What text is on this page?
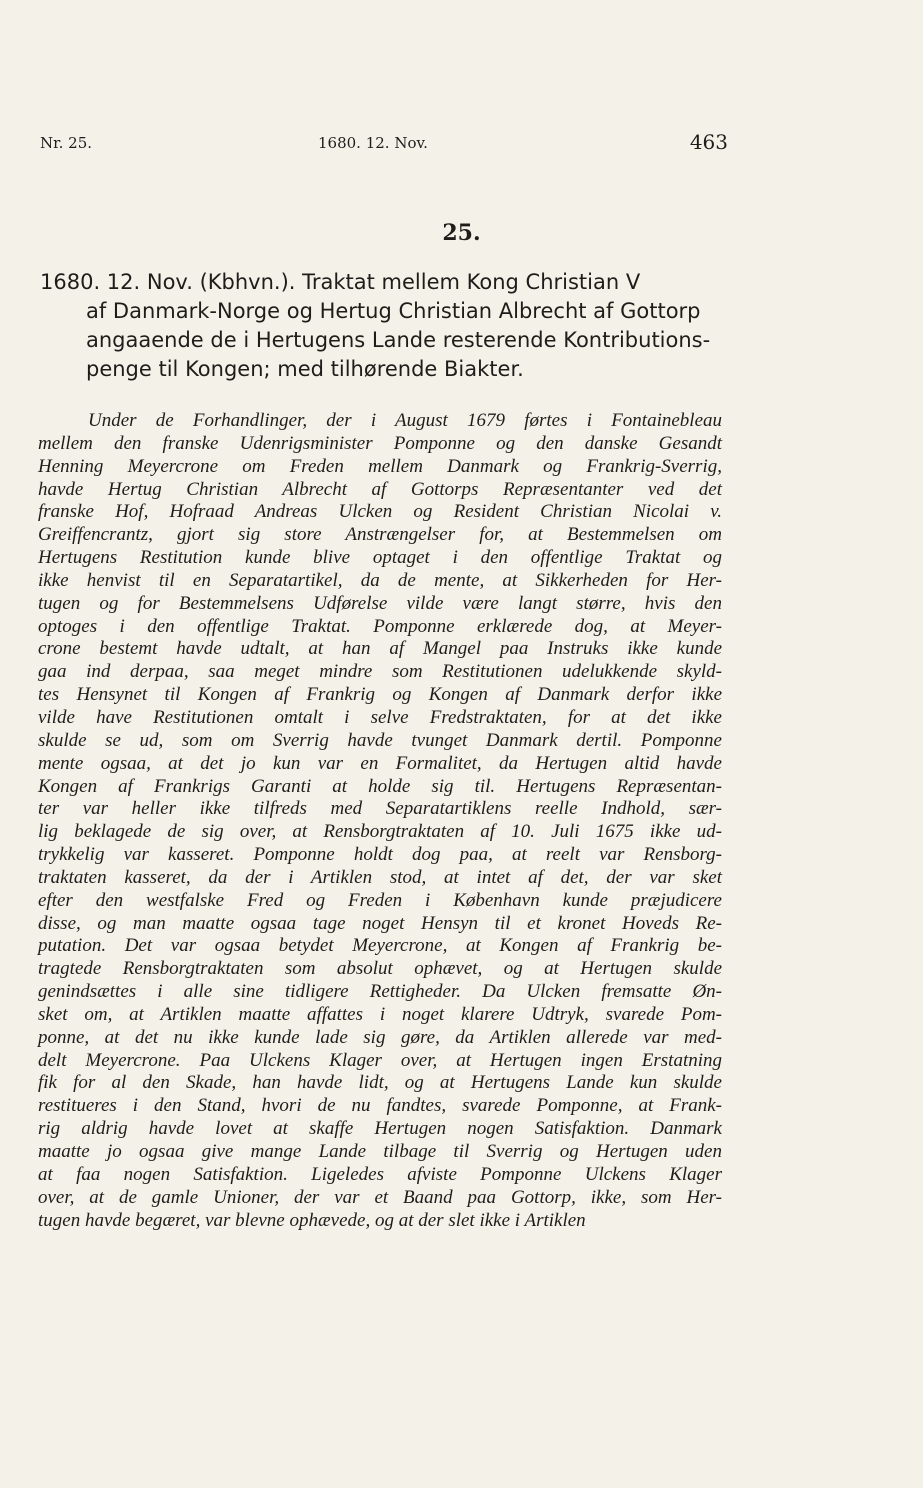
Nr. 25.	1680. 12. Nov.	463
25.
1680. 12. Nov. (Kbhvn.). Traktat mellem Kong Christian V
af Danmark-Norge og Hertug Christian Albrecht af Gottorp
angaaende de i Hertugens Lande resterende Kontributions-
penge til Kongen; med tilhørende Biakter.
Under de Forhandlinger, der i August 1679 førtes i Fontainebleau
mellem den franske Udenrigsminister Pomponne og den danske Gesandt
Henning Meyercrone om Freden mellem Danmark og Frankrig-Sverrig,
havde Hertug Christian Albrecht af Gottorps Repræsentanter ved det
franske Hof, Hofraad Andreas Ulcken og Resident Christian Nicolai v.
Greiffencrantz, gjort sig store Anstrængelser for, at Bestemmelsen om
Hertugens Restitution kunde blive optaget i den offentlige Traktat og
ikke henvist til en Separatartikel, da de mente, at Sikkerheden for Her-
tugen og for Bestemmelsens Udførelse vilde være langt større, hvis den
optoges i den offentlige Traktat. Pomponne erklærede dog, at Meyer-
crone bestemt havde udtalt, at han af Mangel paa Instruks ikke kunde
gaa ind derpaa, saa meget mindre som Restitutionen udelukkende skyld-
tes Hensynet til Kongen af Frankrig og Kongen af Danmark derfor ikke
vilde have Restitutionen omtalt i selve Fredstraktaten, for at det ikke
skulde se ud, som om Sverrig havde tvunget Danmark dertil. Pomponne
mente ogsaa, at det jo kun var en Formalitet, da Hertugen altid havde
Kongen af Frankrigs Garanti at holde sig til. Hertugens Repræsentan-
ter var heller ikke tilfreds med Separatartiklens reelle Indhold, sær-
lig beklagede de sig over, at Rensborgtraktaten af 10. Juli 1675 ikke ud-
trykkelig var kasseret. Pomponne holdt dog paa, at reelt var Rensborg-
traktaten kasseret, da der i Artiklen stod, at intet af det, der var sket
efter den westfalske Fred og Freden i København kunde præjudicere
disse, og man maatte ogsaa tage noget Hensyn til et kronet Hoveds Re-
putation. Det var ogsaa betydet Meyercrone, at Kongen af Frankrig be-
tragtede Rensborgtraktaten som absolut ophævet, og at Hertugen skulde
genindsættes i alle sine tidligere Rettigheder. Da Ulcken fremsatte Øn-
sket om, at Artiklen maatte affattes i noget klarere Udtryk, svarede Pom-
ponne, at det nu ikke kunde lade sig gøre, da Artiklen allerede var med-
delt Meyercrone. Paa Ulckens Klager over, at Hertugen ingen Erstatning
fik for al den Skade, han havde lidt, og at Hertugens Lande kun skulde
restitueres i den Stand, hvori de nu fandtes, svarede Pomponne, at Frank-
rig aldrig havde lovet at skaffe Hertugen nogen Satisfaktion. Danmark
maatte jo ogsaa give mange Lande tilbage til Sverrig og Hertugen uden
at faa nogen Satisfaktion. Ligeledes afviste Pomponne Ulckens Klager
over, at de gamle Unioner, der var et Baand paa Gottorp, ikke, som Her-
tugen havde begæret, var blevne ophævede, og at der slet ikke i Artiklen
